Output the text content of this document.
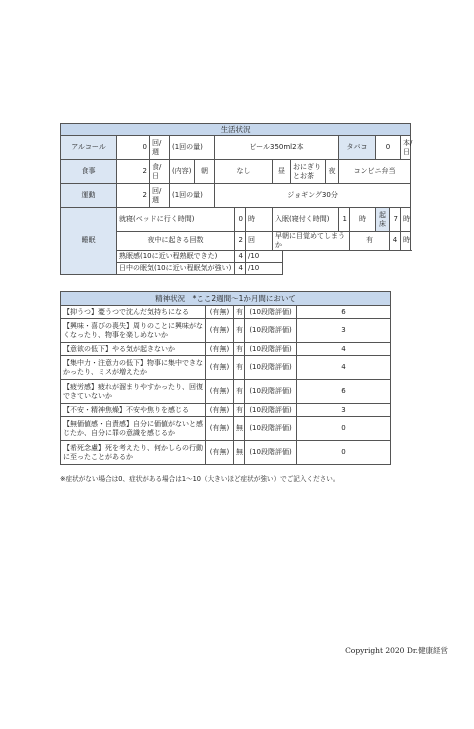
生活状況																
アルコール	0	回/週	(1回の量)		ビール350ml2本							タバコ		0		本/日
食事	2	食/日	(内容)	朝	なし			昼		おにぎりとお茶	夜	コンビニ弁当				
運動	2	回/週	(1回の量)		ジョギング30分											
睡眠	就寝(ベッドに行く時間)					0	時	入眠(寝付く時間)				1	時	起床	7	時
	夜中に起きる回数					2	回	早朝に目覚めてしまうか					有		4	時
	熟眠感(10に近い程熟眠できた)					4	/10									
	日中の眠気(10に近い程眠気が強い)					4	/10									
精神状況　*ここ2週間〜1か月間において				
【抑うつ】憂うつで沈んだ気持ちになる	(有無)	有	(10段階評価)	6
【興味・喜びの喪失】周りのことに興味がなくなったり、物事を楽しめないか	(有無)	有	(10段階評価)	3
【意欲の低下】やる気が起きないか	(有無)	有	(10段階評価)	4
【集中力・注意力の低下】物事に集中できなかったり、ミスが増えたか	(有無)	有	(10段階評価)	4
【疲労感】疲れが溜まりやすかったり、回復できていないか	(有無)	有	(10段階評価)	6
【不安・精神焦燥】不安や焦りを感じる	(有無)	有	(10段階評価)	3
【無価値感・自責感】自分に価値がないと感じたか、自分に罪の意識を感じるか	(有無)	無	(10段階評価)	0
【希死念慮】死を考えたり、何かしらの行動に至ったことがあるか	(有無)	無	(10段階評価)	0
※症状がない場合は0、症状がある場合は1〜10（大きいほど症状が強い）でご記入ください。
Copyright 2020 Dr.健康経営
